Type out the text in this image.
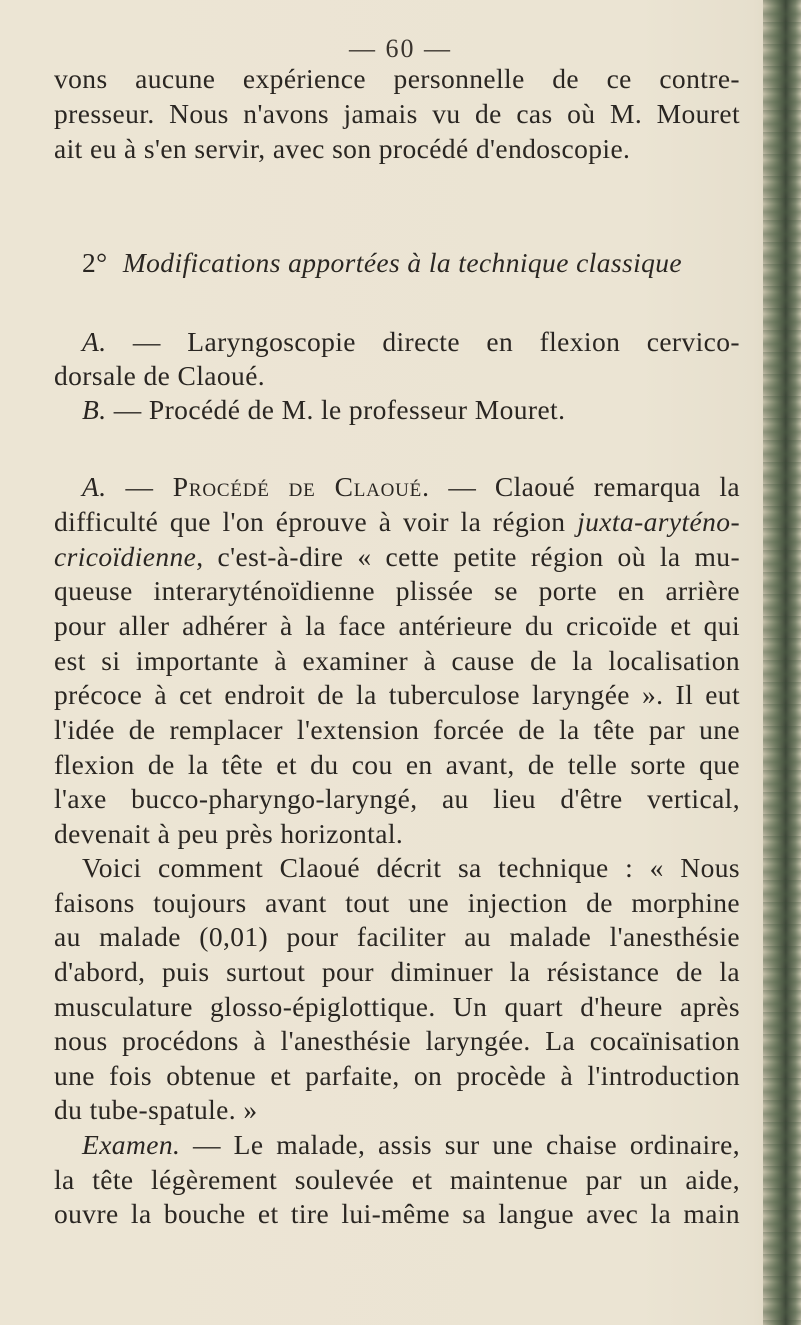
— 60 —
vons aucune expérience personnelle de ce contre-
presseur. Nous n'avons jamais vu de cas où M. Mouret
ait eu à s'en servir, avec son procédé d'endoscopie.
2° Modifications apportées à la technique classique
A. — Laryngoscopie directe en flexion cervico-
dorsale de Claoué.
B. — Procédé de M. le professeur Mouret.
A. — Procédé de Claoué. — Claoué remarqua la
difficulté que l'on éprouve à voir la région juxta-aryténo-
cricoïdienne, c'est-à-dire « cette petite région où la mu-
queuse interaryténoïdienne plissée se porte en arrière
pour aller adhérer à la face antérieure du cricoïde et qui
est si importante à examiner à cause de la localisation
précoce à cet endroit de la tuberculose laryngée ». Il eut
l'idée de remplacer l'extension forcée de la tête par une
flexion de la tête et du cou en avant, de telle sorte que
l'axe bucco-pharyngo-laryngé, au lieu d'être vertical,
devenait à peu près horizontal.
Voici comment Claoué décrit sa technique : « Nous
faisons toujours avant tout une injection de morphine
au malade (0,01) pour faciliter au malade l'anesthésie
d'abord, puis surtout pour diminuer la résistance de la
musculature glosso-épiglottique. Un quart d'heure après
nous procédons à l'anesthésie laryngée. La cocaïnisation
une fois obtenue et parfaite, on procède à l'introduction
du tube-spatule. »
Examen. — Le malade, assis sur une chaise ordinaire,
la tête légèrement soulevée et maintenue par un aide,
ouvre la bouche et tire lui-même sa langue avec la main
